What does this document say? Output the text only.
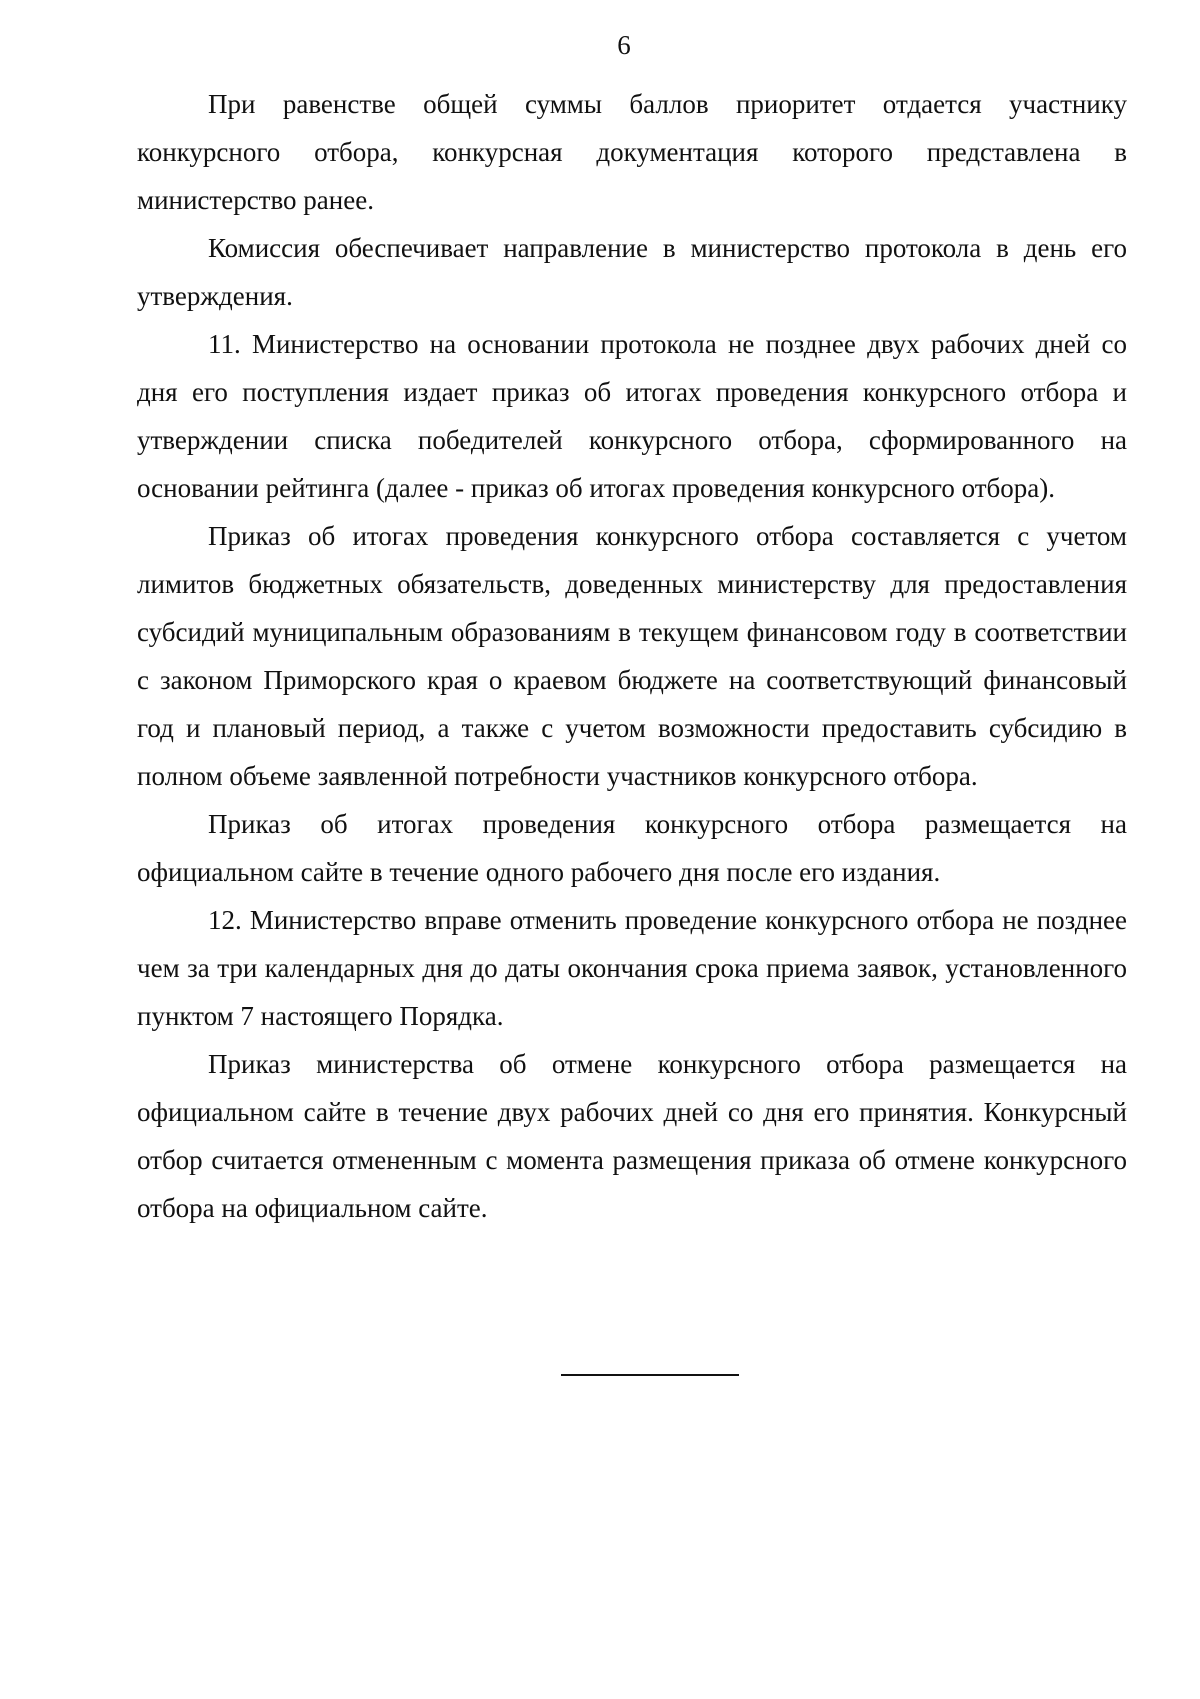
6

При равенстве общей суммы баллов приоритет отдается участнику конкурсного отбора, конкурсная документация которого представлена в министерство ранее.

Комиссия обеспечивает направление в министерство протокола в день его утверждения.

11. Министерство на основании протокола не позднее двух рабочих дней со дня его поступления издает приказ об итогах проведения конкурсного отбора и утверждении списка победителей конкурсного отбора, сформированного на основании рейтинга (далее - приказ об итогах проведения конкурсного отбора).

Приказ об итогах проведения конкурсного отбора составляется с учетом лимитов бюджетных обязательств, доведенных министерству для предоставления субсидий муниципальным образованиям в текущем финансовом году в соответствии с законом Приморского края о краевом бюджете на соответствующий финансовый год и плановый период, а также с учетом возможности предоставить субсидию в полном объеме заявленной потребности участников конкурсного отбора.

Приказ об итогах проведения конкурсного отбора размещается на официальном сайте в течение одного рабочего дня после его издания.

12. Министерство вправе отменить проведение конкурсного отбора не позднее чем за три календарных дня до даты окончания срока приема заявок, установленного пунктом 7 настоящего Порядка.

Приказ министерства об отмене конкурсного отбора размещается на официальном сайте в течение двух рабочих дней со дня его принятия. Конкурсный отбор считается отмененным с момента размещения приказа об отмене конкурсного отбора на официальном сайте.
